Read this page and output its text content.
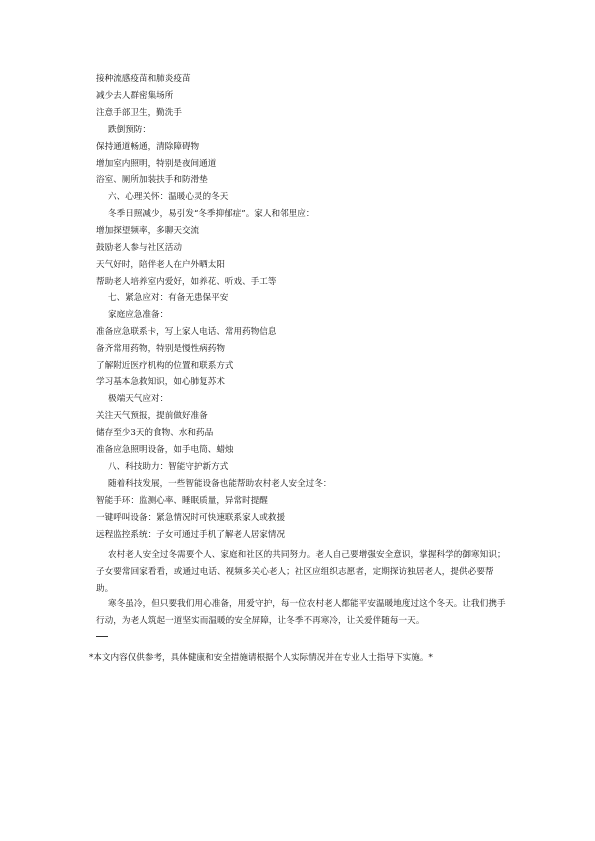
接种流感疫苗和肺炎疫苗
减少去人群密集场所
注意手部卫生，勤洗手
跌倒预防：
保持通道畅通，清除障碍物
增加室内照明，特别是夜间通道
浴室、厕所加装扶手和防滑垫
六、心理关怀：温暖心灵的冬天
冬季日照减少，易引发“冬季抑郁症”。家人和邻里应：
增加探望频率，多聊天交流
鼓励老人参与社区活动
天气好时，陪伴老人在户外晒太阳
帮助老人培养室内爱好，如养花、听戏、手工等
七、紧急应对：有备无患保平安
家庭应急准备：
准备应急联系卡，写上家人电话、常用药物信息
备齐常用药物，特别是慢性病药物
了解附近医疗机构的位置和联系方式
学习基本急救知识，如心肺复苏术
极端天气应对：
关注天气预报，提前做好准备
储存至少3天的食物、水和药品
准备应急照明设备，如手电筒、蜡烛
八、科技助力：智能守护新方式
随着科技发展，一些智能设备也能帮助农村老人安全过冬：
智能手环：监测心率、睡眠质量，异常时提醒
一键呼叫设备：紧急情况时可快速联系家人或救援
远程监控系统：子女可通过手机了解老人居家情况
农村老人安全过冬需要个人、家庭和社区的共同努力。老人自己要增强安全意识，掌握科学的御寒知识；子女要常回家看看，或通过电话、视频多关心老人；社区应组织志愿者，定期探访独居老人，提供必要帮助。
寒冬虽冷，但只要我们用心准备，用爱守护，每一位农村老人都能平安温暖地度过这个冬天。让我们携手行动，为老人筑起一道坚实而温暖的安全屏障，让冬季不再寒冷，让关爱伴随每一天。
*本文内容仅供参考，具体健康和安全措施请根据个人实际情况并在专业人士指导下实施。*
